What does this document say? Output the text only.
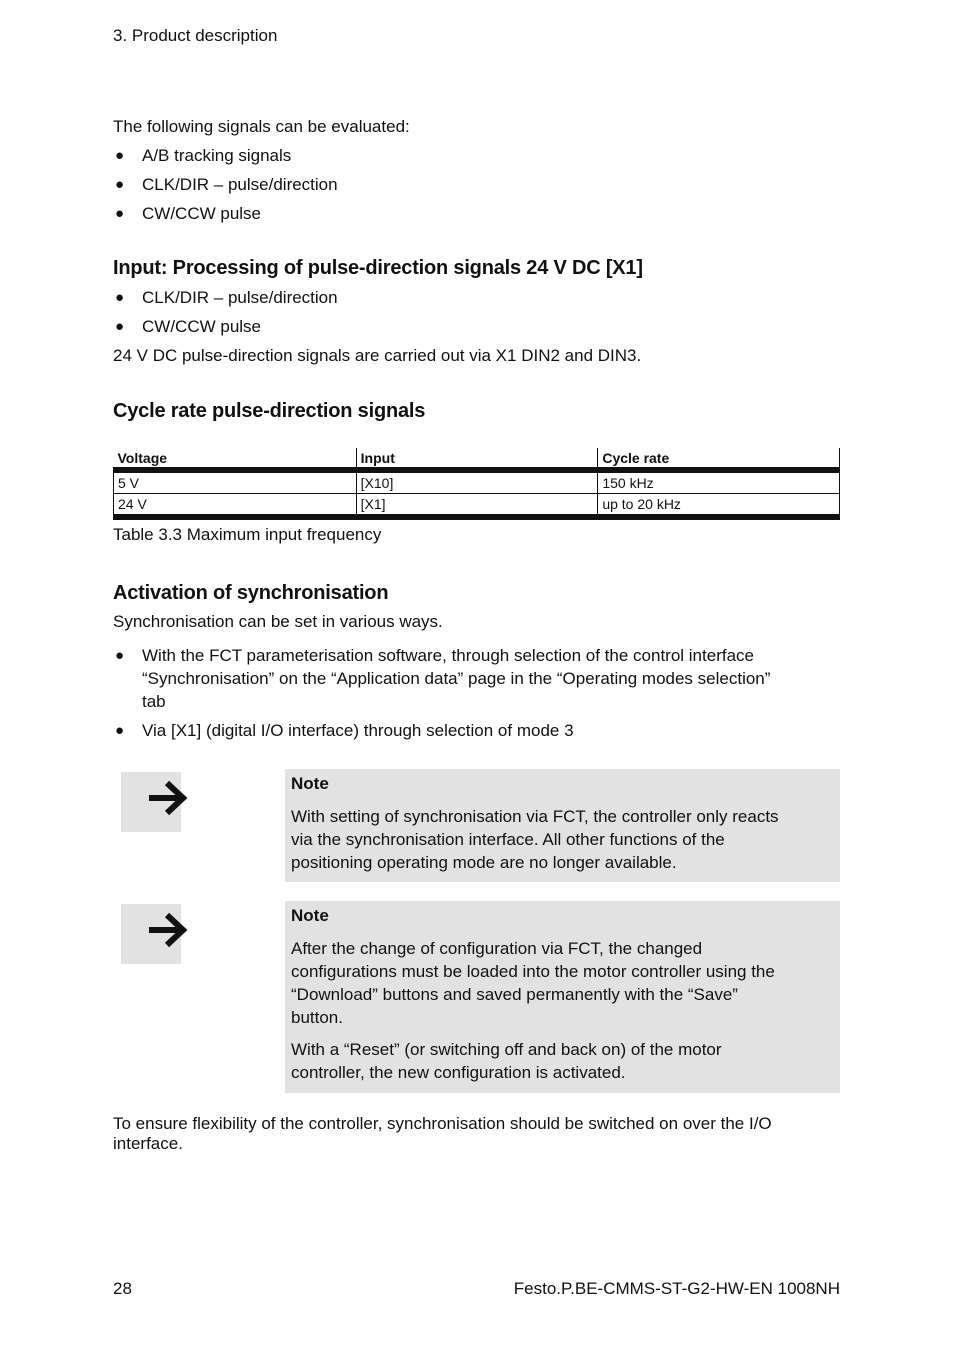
3. Product description

The following signals can be evaluated:

● A/B tracking signals
● CLK/DIR – pulse/direction
● CW/CCW pulse
Input: Processing of pulse-direction signals 24 V DC [X1]
● CLK/DIR – pulse/direction
● CW/CCW pulse

24 V DC pulse-direction signals are carried out via X1 DIN2 and DIN3.

Cycle rate pulse-direction signals
Voltage	Input	Cycle rate
5 V	[X10]	150 kHz
24 V	[X1]	up to 20 kHz

Table 3.3 Maximum input frequency

Activation of synchronisation

Synchronisation can be set in various ways.

● With the FCT parameterisation software, through selection of the control interface
“Synchronisation” on the “Application data” page in the “Operating modes selection”
tab
● Via [X1] (digital I/O interface) through selection of mode 3
Note
With setting of synchronisation via FCT, the controller only reacts
via the synchronisation interface. All other functions of the
positioning operating mode are no longer available.
Note
After the change of configuration via FCT, the changed
configurations must be loaded into the motor controller using the
“Download” buttons and saved permanently with the “Save”
button.
With a “Reset” (or switching off and back on) of the motor
controller, the new configuration is activated.
To ensure flexibility of the controller, synchronisation should be switched on over the I/O
interface.
28	Festo.P.BE-CMMS-ST-G2-HW-EN 1008NH
